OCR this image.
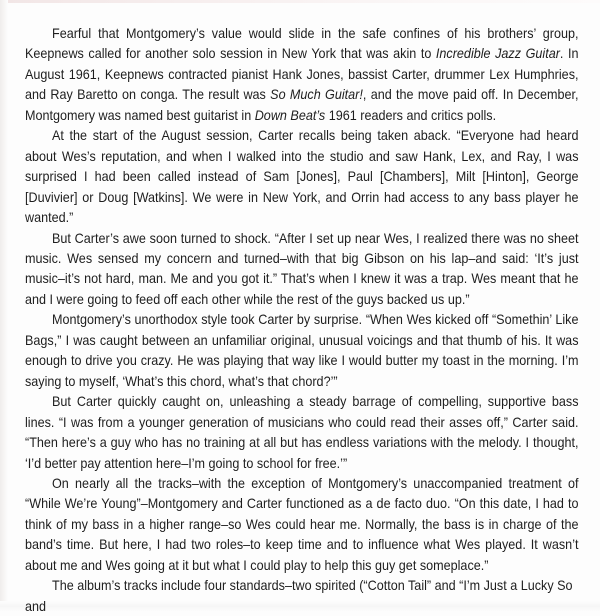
Fearful that Montgomery’s value would slide in the safe confines of his brothers’ group, Keepnews called for another solo session in New York that was akin to Incredible Jazz Guitar. In August 1961, Keepnews contracted pianist Hank Jones, bassist Carter, drummer Lex Humphries, and Ray Baretto on conga. The result was So Much Guitar!, and the move paid off. In December, Montgomery was named best guitarist in Down Beat’s 1961 readers and critics polls.

At the start of the August session, Carter recalls being taken aback. “Everyone had heard about Wes’s reputation, and when I walked into the studio and saw Hank, Lex, and Ray, I was surprised I had been called instead of Sam [Jones], Paul [Chambers], Milt [Hinton], George [Duvivier] or Doug [Watkins]. We were in New York, and Orrin had access to any bass player he wanted.”

But Carter’s awe soon turned to shock. “After I set up near Wes, I realized there was no sheet music. Wes sensed my concern and turned–with that big Gibson on his lap–and said: ‘It’s just music–it’s not hard, man. Me and you got it.” That’s when I knew it was a trap. Wes meant that he and I were going to feed off each other while the rest of the guys backed us up.”

Montgomery’s unorthodox style took Carter by surprise. “When Wes kicked off “Somethin’ Like Bags,” I was caught between an unfamiliar original, unusual voicings and that thumb of his. It was enough to drive you crazy. He was playing that way like I would butter my toast in the morning. I’m saying to myself, ‘What’s this chord, what’s that chord?’”

But Carter quickly caught on, unleashing a steady barrage of compelling, supportive bass lines. “I was from a younger generation of musicians who could read their asses off,” Carter said. “Then here’s a guy who has no training at all but has endless variations with the melody. I thought, ‘I’d better pay attention here–I’m going to school for free.’”

On nearly all the tracks–with the exception of Montgomery’s unaccompanied treatment of “While We’re Young”–Montgomery and Carter functioned as a de facto duo. “On this date, I had to think of my bass in a higher range–so Wes could hear me. Normally, the bass is in charge of the band’s time. But here, I had two roles–to keep time and to influence what Wes played. It wasn’t about me and Wes going at it but what I could play to help this guy get someplace.”

The album’s tracks include four standards–two spirited (“Cotton Tail” and “I’m Just a Lucky So and
